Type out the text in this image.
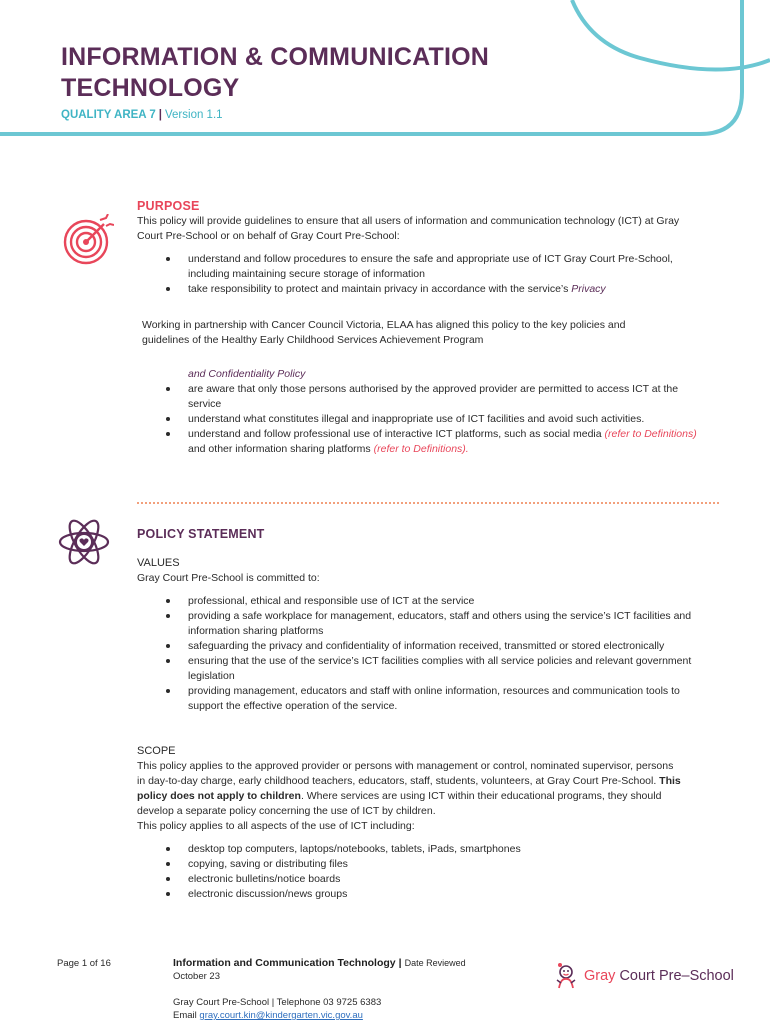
INFORMATION & COMMUNICATION
TECHNOLOGY
QUALITY AREA 7 | Version 1.1
PURPOSE

This policy will provide guidelines to ensure that all users of information and communication technology (ICT) at Gray Court Pre-School or on behalf of Gray Court Pre-School:

understand and follow procedures to ensure the safe and appropriate use of ICT Gray Court Pre-School, including maintaining secure storage of information
take responsibility to protect and maintain privacy in accordance with the service’s Privacy
Working in partnership with Cancer Council Victoria, ELAA has aligned this policy to the key policies and guidelines of the Healthy Early Childhood Services Achievement Program

and Confidentiality Policy

are aware that only those persons authorised by the approved provider are permitted to access ICT at the service
understand what constitutes illegal and inappropriate use of ICT facilities and avoid such activities.
understand and follow professional use of interactive ICT platforms, such as social media (refer to Definitions) and other information sharing platforms (refer to Definitions).
POLICY STATEMENT

VALUES

Gray Court Pre-School is committed to:

professional, ethical and responsible use of ICT at the service
providing a safe workplace for management, educators, staff and others using the service’s ICT facilities and information sharing platforms
safeguarding the privacy and confidentiality of information received, transmitted or stored electronically
ensuring that the use of the service’s ICT facilities complies with all service policies and relevant government legislation
providing management, educators and staff with online information, resources and communication tools to support the effective operation of the service.

SCOPE

This policy applies to the approved provider or persons with management or control, nominated supervisor, persons in day-to-day charge, early childhood teachers, educators, staff, students, volunteers, at Gray Court Pre-School. This policy does not apply to children. Where services are using ICT within their educational programs, they should develop a separate policy concerning the use of ICT by children.

This policy applies to all aspects of the use of ICT including:

desktop top computers, laptops/notebooks, tablets, iPads, smartphones
copying, saving or distributing files
electronic bulletins/notice boards
electronic discussion/news groups
Page 1 of 16	Information and Communication Technology | Date Reviewed
October 23
Gray Court Pre-School | Telephone 03 9725 6383
Email gray.court.kin@kindergarten.vic.gov.au
Gray Court Pre–School
